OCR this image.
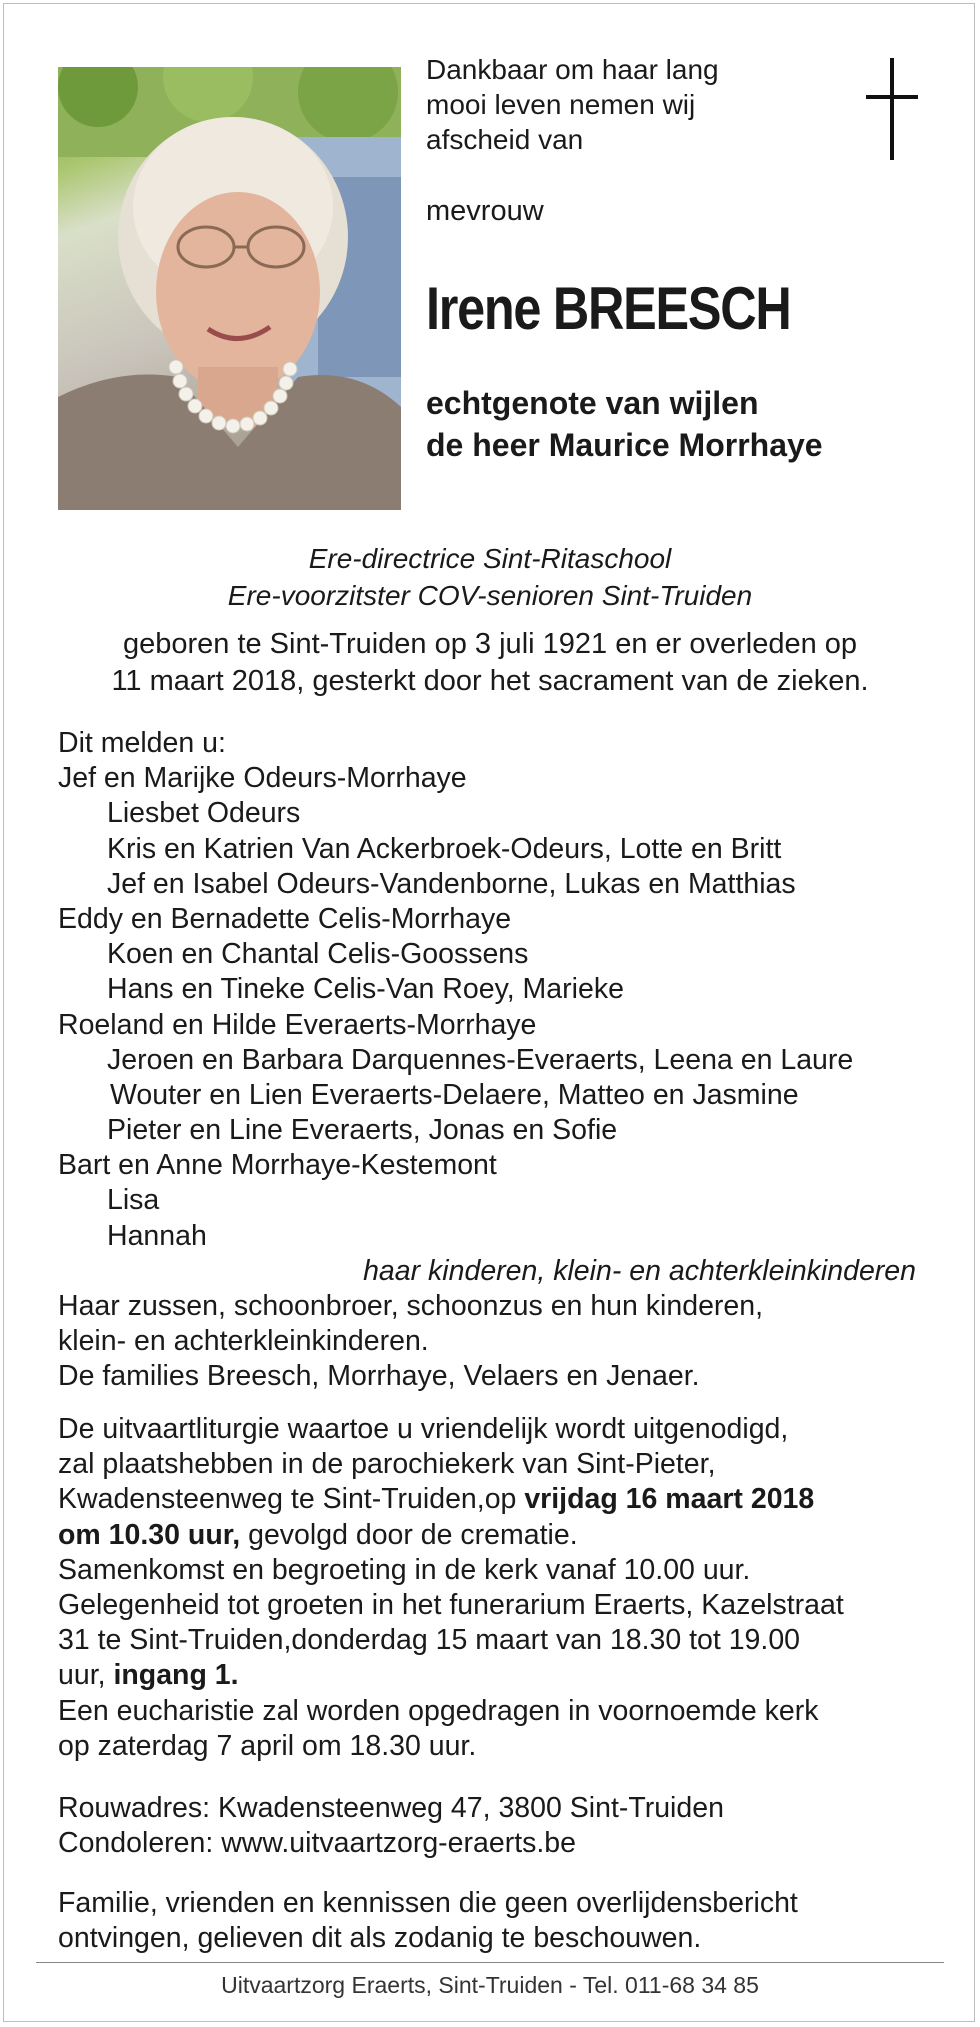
Dankbaar om haar lang
mooi leven nemen wij
afscheid van
mevrouw
Irene BREESCH
echtgenote van wijlen
de heer Maurice Morrhaye
Ere-directrice Sint-Ritaschool
Ere-voorzitster COV-senioren Sint-Truiden
geboren te Sint-Truiden op 3 juli 1921 en er overleden op
11 maart 2018, gesterkt door het sacrament van de zieken.
Dit melden u:
Jef en Marijke Odeurs-Morrhaye
Liesbet Odeurs
Kris en Katrien Van Ackerbroek-Odeurs, Lotte en Britt
Jef en Isabel Odeurs-Vandenborne, Lukas en Matthias
Eddy en Bernadette Celis-Morrhaye
Koen en Chantal Celis-Goossens
Hans en Tineke Celis-Van Roey, Marieke
Roeland en Hilde Everaerts-Morrhaye
Jeroen en Barbara Darquennes-Everaerts, Leena en Laure
Wouter en Lien Everaerts-Delaere, Matteo en Jasmine
Pieter en Line Everaerts, Jonas en Sofie
Bart en Anne Morrhaye-Kestemont
Lisa
Hannah
haar kinderen, klein- en achterkleinkinderen
Haar zussen, schoonbroer, schoonzus en hun kinderen,
klein- en achterkleinkinderen.
De families Breesch, Morrhaye, Velaers en Jenaer.
De uitvaartliturgie waartoe u vriendelijk wordt uitgenodigd,
zal plaatshebben in de parochiekerk van Sint-Pieter,
Kwadensteenweg te Sint-Truiden,op vrijdag 16 maart 2018
om 10.30 uur, gevolgd door de crematie.
Samenkomst en begroeting in de kerk vanaf 10.00 uur.
Gelegenheid tot groeten in het funerarium Eraerts, Kazelstraat
31 te Sint-Truiden,donderdag 15 maart van 18.30 tot 19.00
uur, ingang 1.
Een eucharistie zal worden opgedragen in voornoemde kerk
op zaterdag 7 april om 18.30 uur.
Rouwadres: Kwadensteenweg 47, 3800 Sint-Truiden
Condoleren: www.uitvaartzorg-eraerts.be
Familie, vrienden en kennissen die geen overlijdensbericht
ontvingen, gelieven dit als zodanig te beschouwen.
Uitvaartzorg Eraerts, Sint-Truiden - Tel. 011-68 34 85
